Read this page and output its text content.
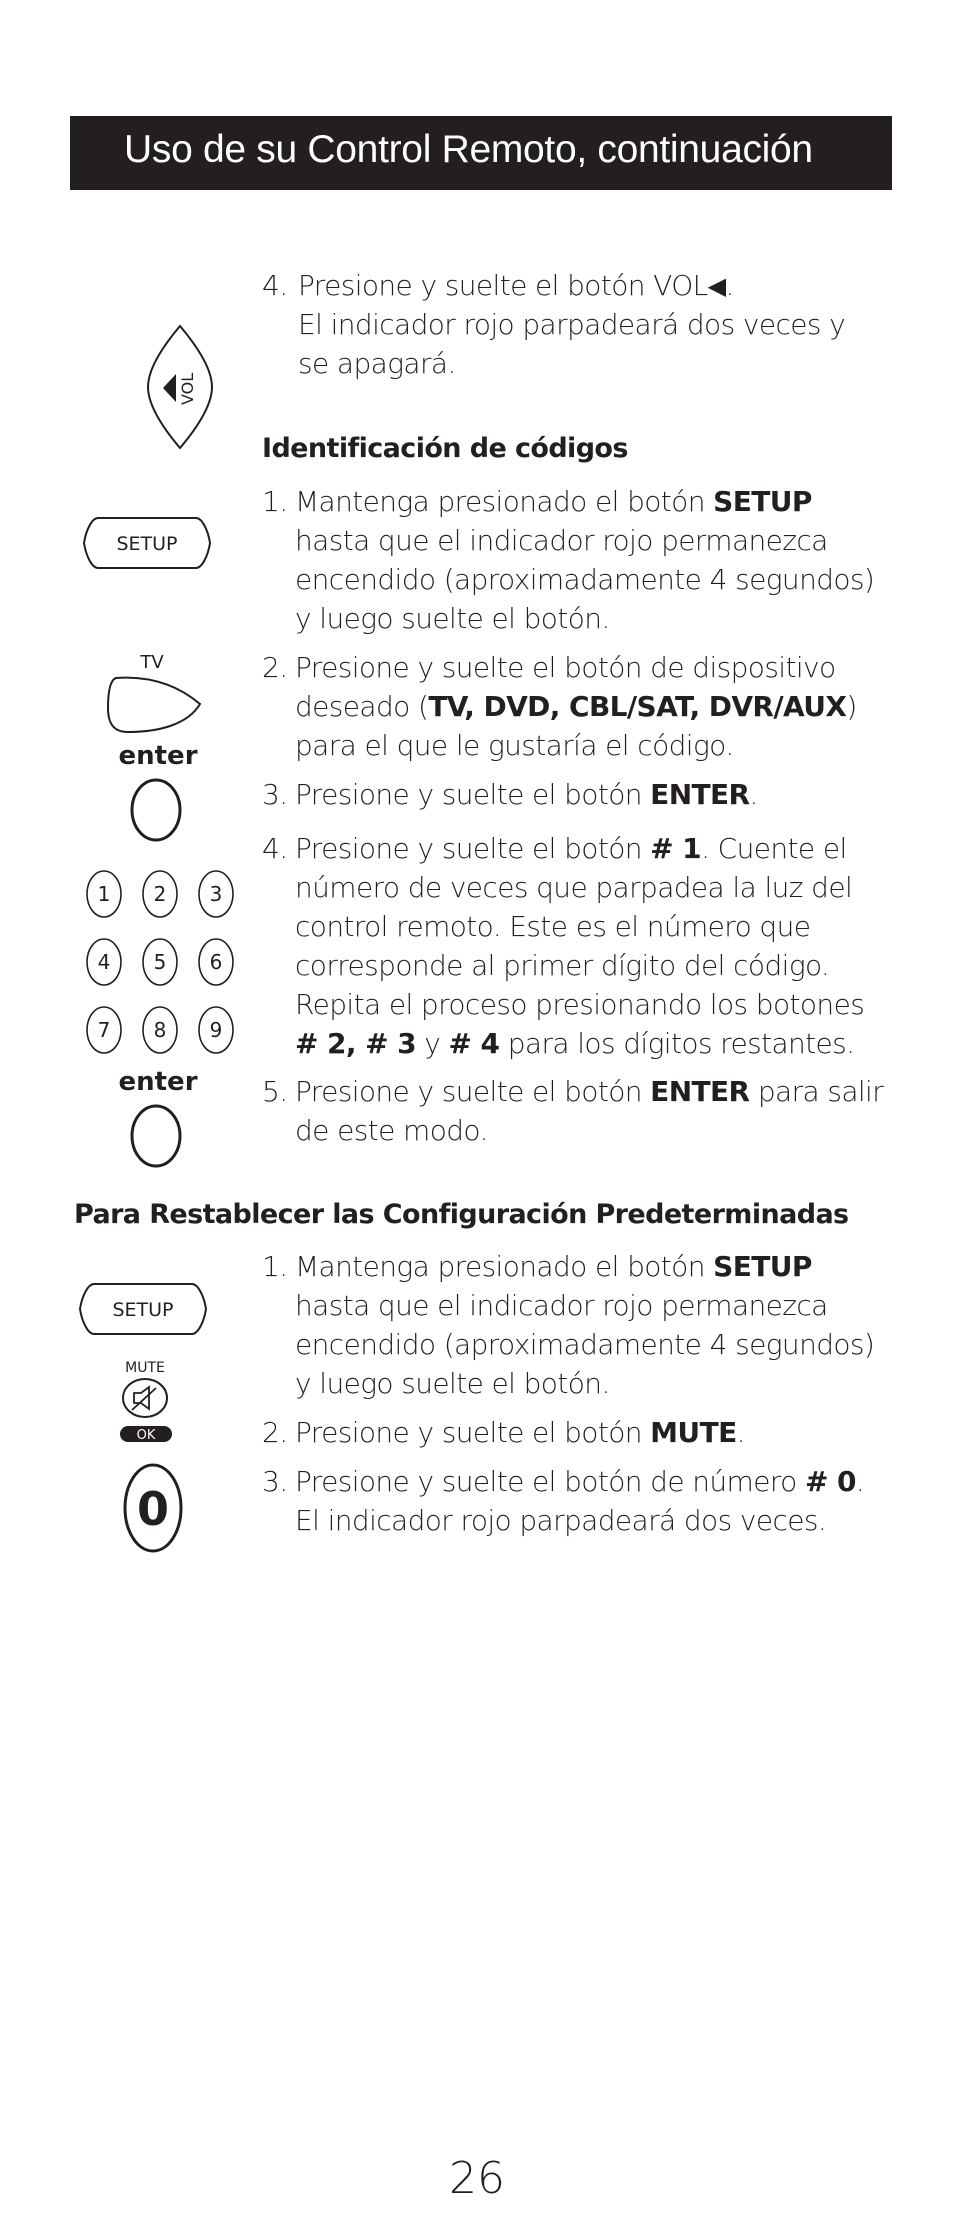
Uso de su Control Remoto, continuación
VOL
SETUP
TV
enter
1 2 3
4 5 6
7 8 9
enter
SETUP
MUTE
OK
0
4. Presione y suelte el botón VOL◀.
El indicador rojo parpadeará dos veces y
se apagará.
Identificación de códigos
1. Mantenga presionado el botón SETUP
hasta que el indicador rojo permanezca
encendido (aproximadamente 4 segundos)
y luego suelte el botón.
2. Presione y suelte el botón de dispositivo
deseado (TV, DVD, CBL/SAT, DVR/AUX)
para el que le gustaría el código.
3. Presione y suelte el botón ENTER.
4. Presione y suelte el botón # 1. Cuente el
número de veces que parpadea la luz del
control remoto. Este es el número que
corresponde al primer dígito del código.
Repita el proceso presionando los botones
# 2, # 3 y # 4 para los dígitos restantes.
5. Presione y suelte el botón ENTER para salir
de este modo.
Para Restablecer las Configuración Predeterminadas
1. Mantenga presionado el botón SETUP
hasta que el indicador rojo permanezca
encendido (aproximadamente 4 segundos)
y luego suelte el botón.
2. Presione y suelte el botón MUTE.
3. Presione y suelte el botón de número # 0.
El indicador rojo parpadeará dos veces.
26
